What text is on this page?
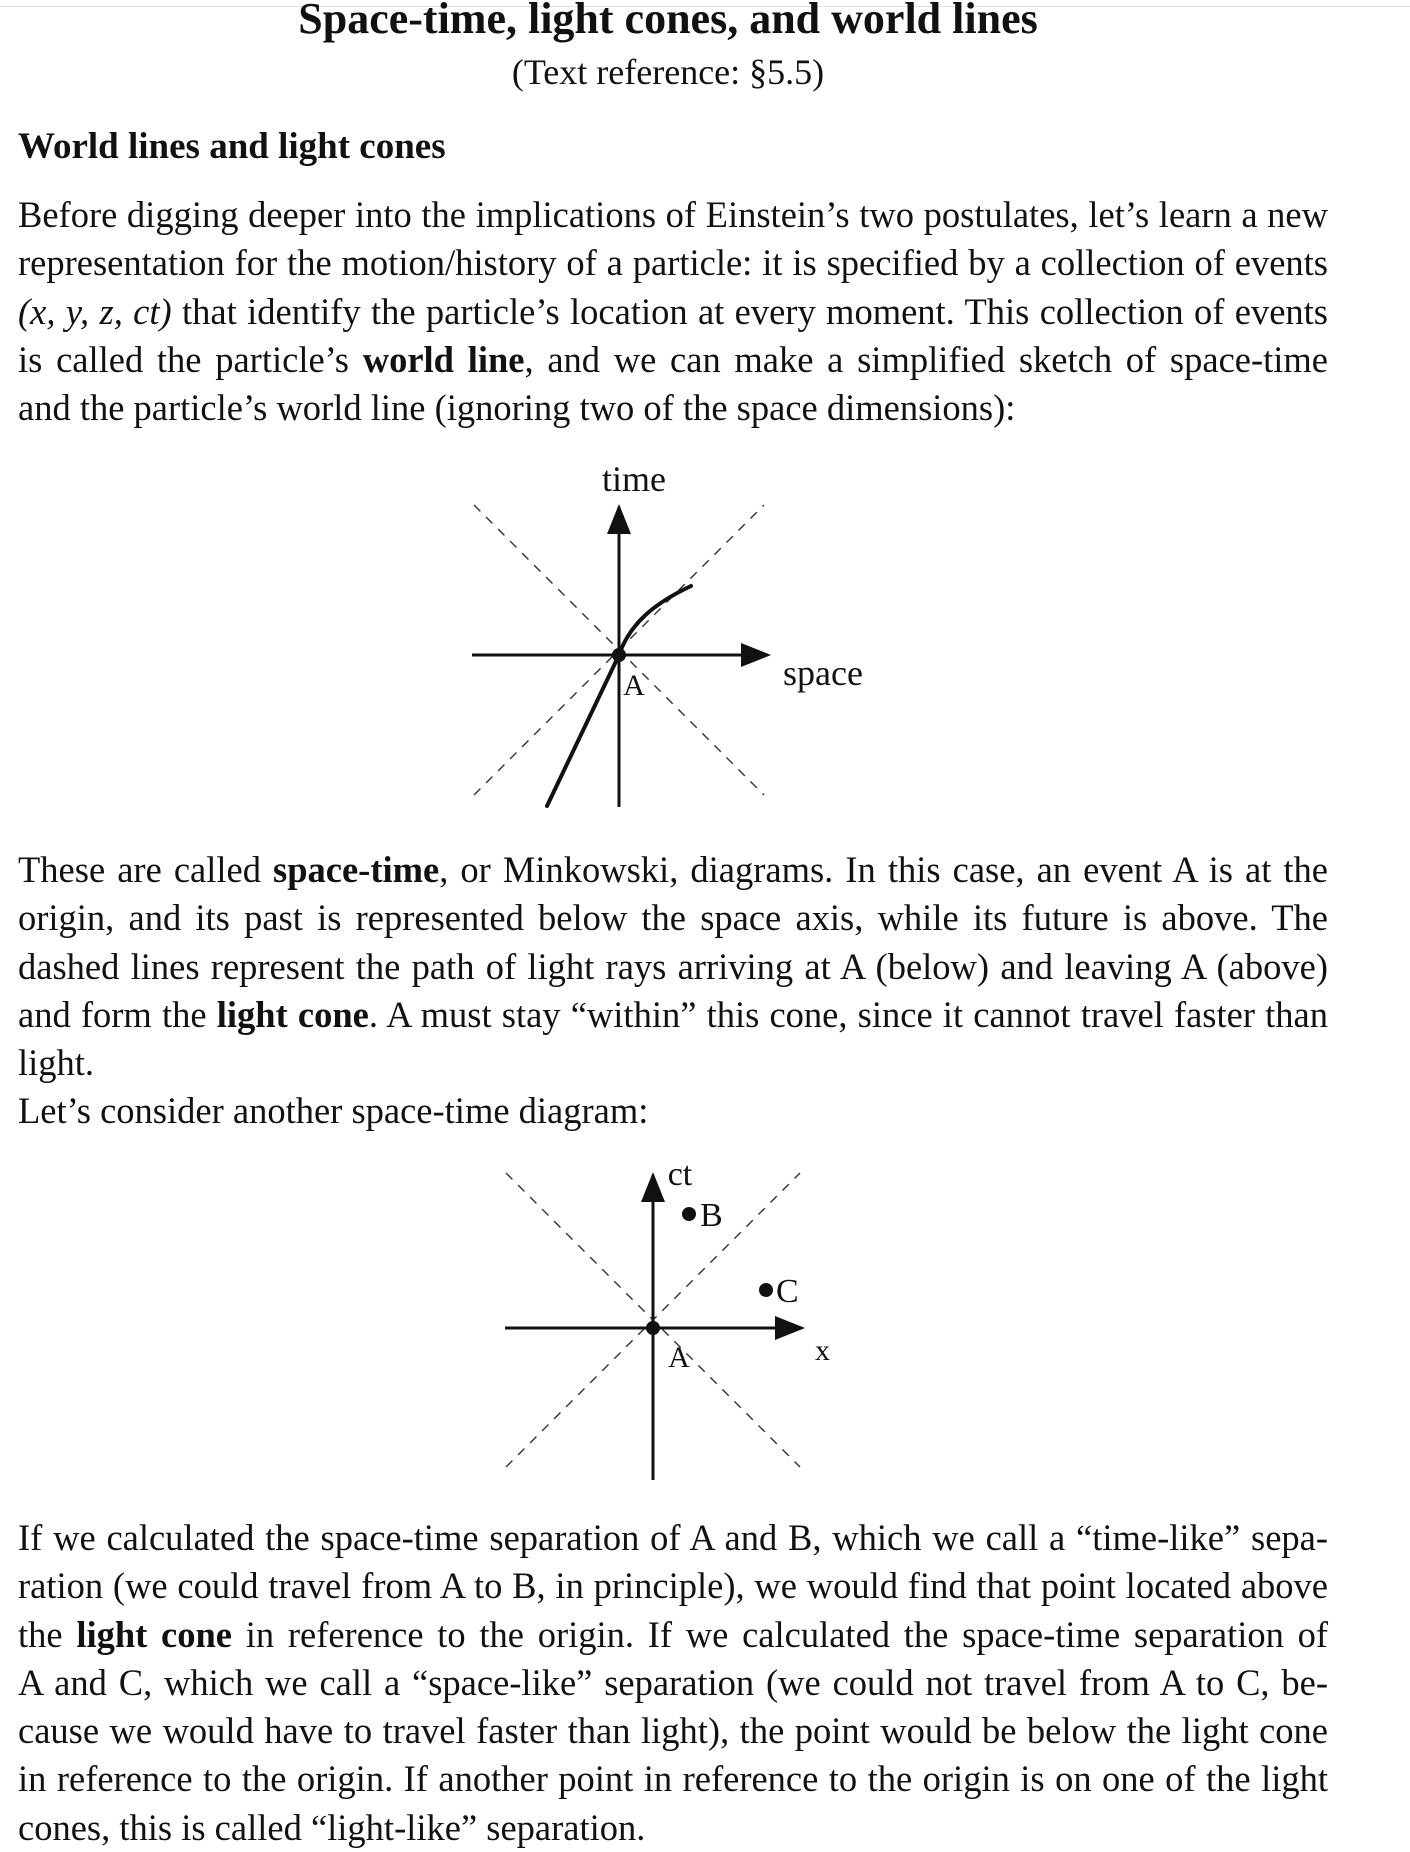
Space-time, light cones, and world lines
(Text reference: §5.5)
World lines and light cones

Before digging deeper into the implications of Einstein’s two postulates, let’s learn a new
representation for the motion/history of a particle: it is specified by a collection of events
(x, y, z, ct) that identify the particle’s location at every moment. This collection of events
is called the particle’s world line, and we can make a simplified sketch of space-time
and the particle’s world line (ignoring two of the space dimensions):

time
space
A

These are called space-time, or Minkowski, diagrams. In this case, an event A is at the
origin, and its past is represented below the space axis, while its future is above. The
dashed lines represent the path of light rays arriving at A (below) and leaving A (above)
and form the light cone. A must stay “within” this cone, since it cannot travel faster than
light.
Let’s consider another space-time diagram:

ct
B
C
x
A

If we calculated the space-time separation of A and B, which we call a “time-like” sepa-
ration (we could travel from A to B, in principle), we would find that point located above
the light cone in reference to the origin. If we calculated the space-time separation of
A and C, which we call a “space-like” separation (we could not travel from A to C, be-
cause we would have to travel faster than light), the point would be below the light cone
in reference to the origin. If another point in reference to the origin is on one of the light
cones, this is called “light-like” separation.
